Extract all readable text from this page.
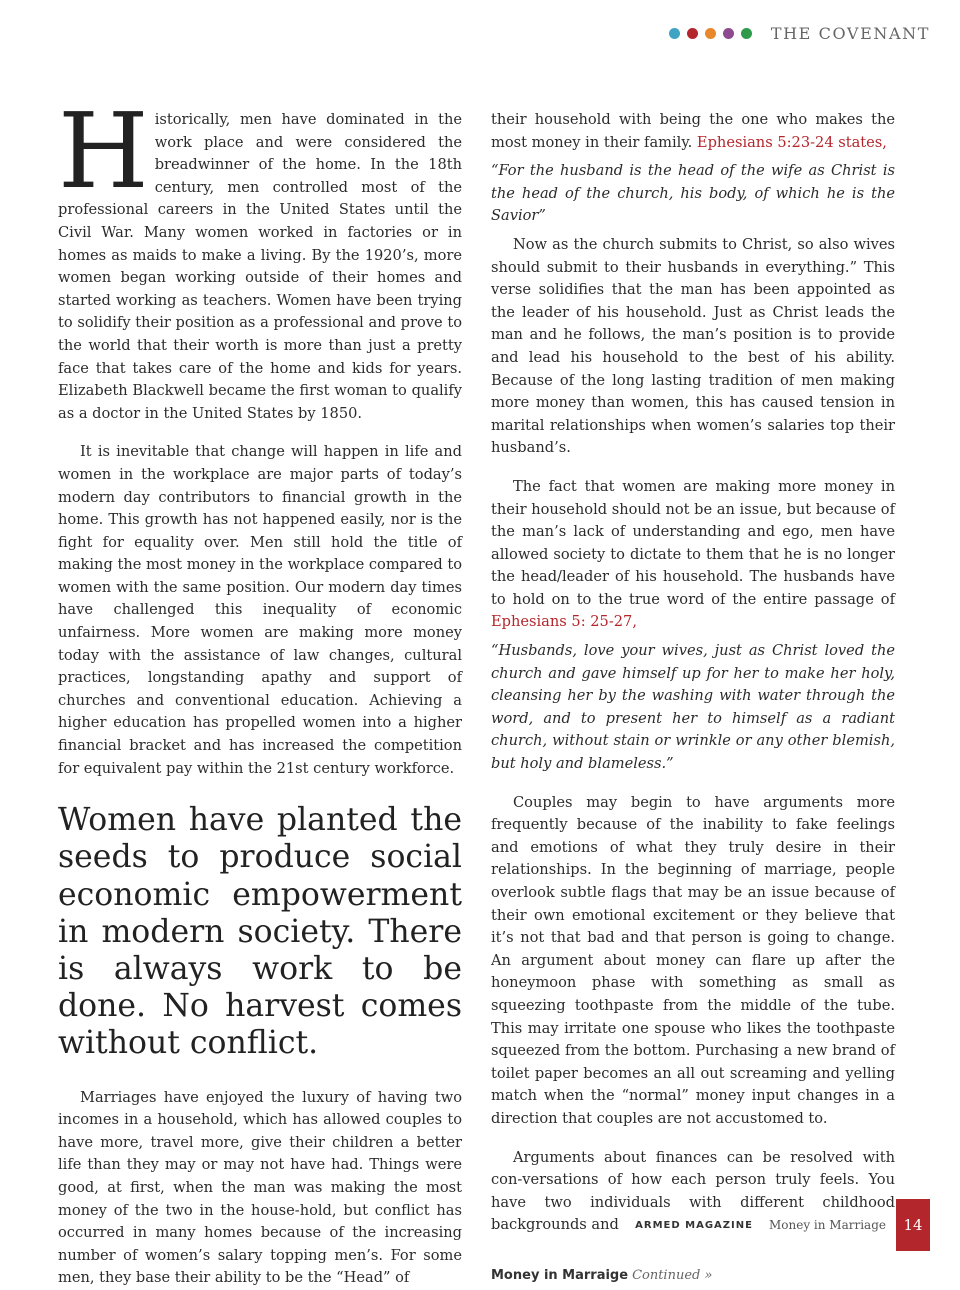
THE COVENANT

Historically, men have dominated in the work place and were considered the breadwinner of the home. In the 18th century, men controlled most of the professional careers in the United States until the Civil War. Many women worked in factories or in homes as maids to make a living. By the 1920’s, more women began working outside of their homes and started working as teachers. Women have been trying to solidify their position as a professional and prove to the world that their worth is more than just a pretty face that takes care of the home and kids for years. Elizabeth Blackwell became the first woman to qualify as a doctor in the United States by 1850.

It is inevitable that change will happen in life and women in the workplace are major parts of today’s modern day contributors to financial growth in the home. This growth has not happened easily, nor is the fight for equality over. Men still hold the title of making the most money in the workplace compared to women with the same position. Our modern day times have challenged this inequality of economic unfairness. More women are making more money today with the assistance of law changes, cultural practices, longstanding apathy and support of churches and conventional education. Achieving a higher education has propelled women into a higher financial bracket and has increased the competition for equivalent pay within the 21st century workforce.

Women have planted the seeds to produce social economic empowerment in modern society. There is always work to be done. No harvest comes without conflict.

Marriages have enjoyed the luxury of having two incomes in a household, which has allowed couples to have more, travel more, give their children a better life than they may or may not have had. Things were good, at first, when the man was making the most money of the two in the house-hold, but conflict has occurred in many homes because of the increasing number of women’s salary topping men’s. For some men, they base their ability to be the “Head” of

their household with being the one who makes the most money in their family. Ephesians 5:23-24 states,

“For the husband is the head of the wife as Christ is the head of the church, his body, of which he is the Savior”

Now as the church submits to Christ, so also wives should submit to their husbands in everything.” This verse solidifies that the man has been appointed as the leader of his household. Just as Christ leads the man and he follows, the man’s position is to provide and lead his household to the best of his ability. Because of the long lasting tradition of men making more money than women, this has caused tension in marital relationships when women’s salaries top their husband’s.

The fact that women are making more money in their household should not be an issue, but because of the man’s lack of understanding and ego, men have allowed society to dictate to them that he is no longer the head/leader of his household. The husbands have to hold on to the true word of the entire passage of Ephesians 5: 25-27,

“Husbands, love your wives, just as Christ loved the church and gave himself up for her to make her holy, cleansing her by the washing with water through the word, and to present her to himself as a radiant church, without stain or wrinkle or any other blemish, but holy and blameless.”

Couples may begin to have arguments more frequently because of the inability to fake feelings and emotions of what they truly desire in their relationships. In the beginning of marriage, people overlook subtle flags that may be an issue because of their own emotional excitement or they believe that it’s not that bad and that person is going to change. An argument about money can flare up after the honeymoon phase with something as small as squeezing toothpaste from the middle of the tube. This may irritate one spouse who likes the toothpaste squeezed from the bottom. Purchasing a new brand of toilet paper becomes an all out screaming and yelling match when the “normal” money input changes in a direction that couples are not accustomed to.

Arguments about finances can be resolved with con-versations of how each person truly feels. You have two individuals with different childhood backgrounds and

Money in Marraige Continued »

ARMED MAGAZINE Money in Marriage	14
